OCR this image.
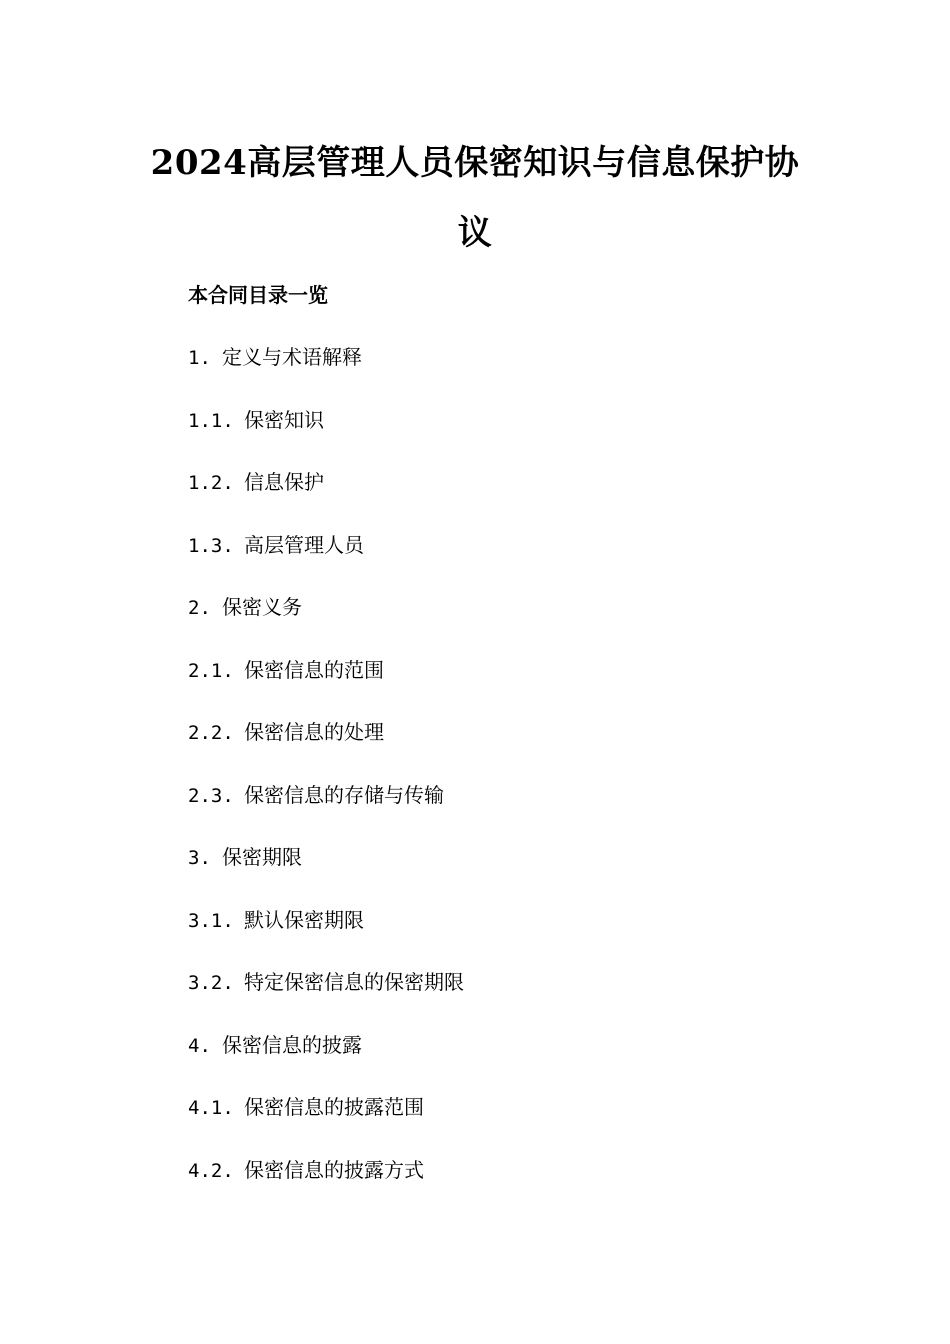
2024高层管理人员保密知识与信息保护协
议
本合同目录一览
1. 定义与术语解释
1.1. 保密知识
1.2. 信息保护
1.3. 高层管理人员
2. 保密义务
2.1. 保密信息的范围
2.2. 保密信息的处理
2.3. 保密信息的存储与传输
3. 保密期限
3.1. 默认保密期限
3.2. 特定保密信息的保密期限
4. 保密信息的披露
4.1. 保密信息的披露范围
4.2. 保密信息的披露方式
